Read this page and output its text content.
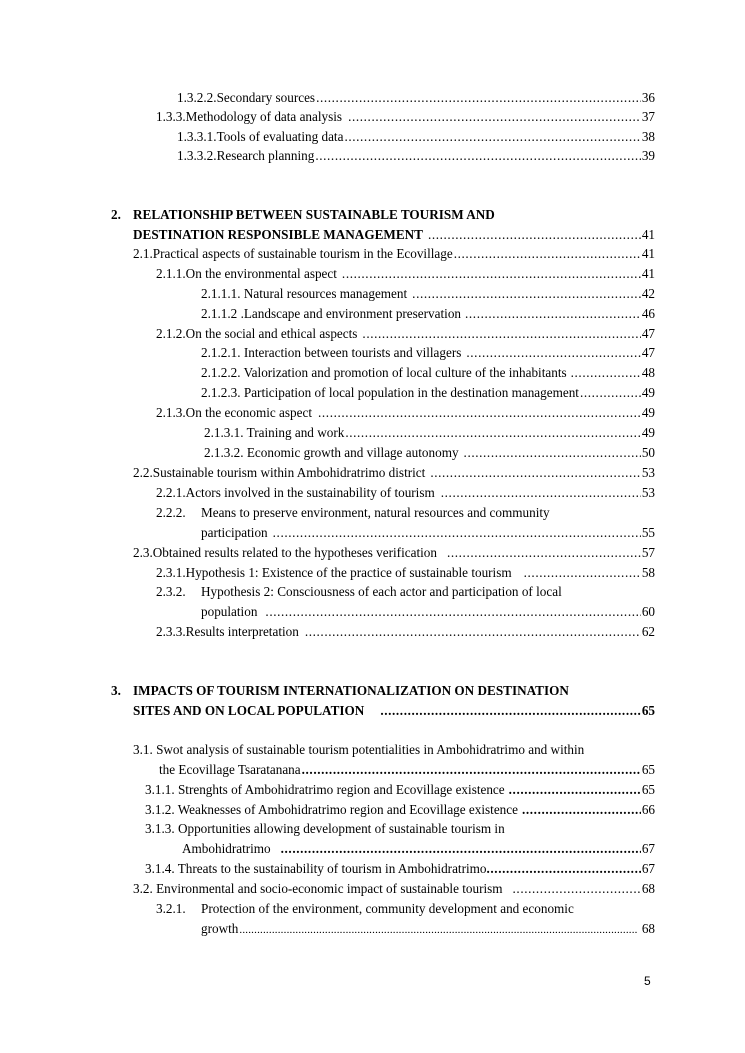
1.3.2.2.Secondary sources .....	36
1.3.3. Methodology of data analysis .....	37
1.3.3.1.Tools of evaluating data .....	38
1.3.3.2.Research planning .....	39
2. RELATIONSHIP BETWEEN SUSTAINABLE TOURISM AND
DESTINATION RESPONSIBLE MANAGEMENT .....	41
2.1.Practical aspects of sustainable tourism in the Ecovillage .....	41
2.1.1. On the environmental aspect .....	41
2.1.1.1. Natural resources management .....	42
2.1.1.2 .Landscape and environment preservation .....	46
2.1.2. On the social and ethical aspects .....	47
2.1.2.1. Interaction between tourists and villagers .....	47
2.1.2.2. Valorization and promotion of local culture of the inhabitants .....	48
2.1.2.3. Participation of local population in the destination management .....	49
2.1.3. On the economic aspect .....	49
2.1.3.1. Training and work .....	49
2.1.3.2. Economic growth and village autonomy .....	50
2.2.Sustainable tourism within Ambohidratrimo district .....	53
2.2.1. Actors involved in the sustainability of tourism .....	53
2.2.2. Means to preserve environment, natural resources and community
participation .....	55
2.3.Obtained results related to the hypotheses verification .....	57
2.3.1. Hypothesis 1: Existence of the practice of sustainable tourism .....	58
2.3.2. Hypothesis 2: Consciousness of each actor and participation of local
population .....	60
2.3.3. Results interpretation .....	62
3. IMPACTS OF TOURISM INTERNATIONALIZATION ON DESTINATION
SITES AND ON LOCAL POPULATION .....	65
3.1. Swot analysis of sustainable tourism potentialities in Ambohidratrimo and within
the Ecovillage Tsaratanana .....	65
3.1.1. Strenghts of Ambohidratrimo region and Ecovillage existence .....	65
3.1.2. Weaknesses of Ambohidratrimo region and Ecovillage existence .....	66
3.1.3. Opportunities allowing development of sustainable tourism in
Ambohidratrimo .....	67
3.1.4. Threats to the sustainability of tourism in Ambohidratrimo .....	67
3.2. Environmental and socio-economic impact of sustainable tourism .....	68
3.2.1. Protection of the environment, community development and economic
growth .....	68
5
